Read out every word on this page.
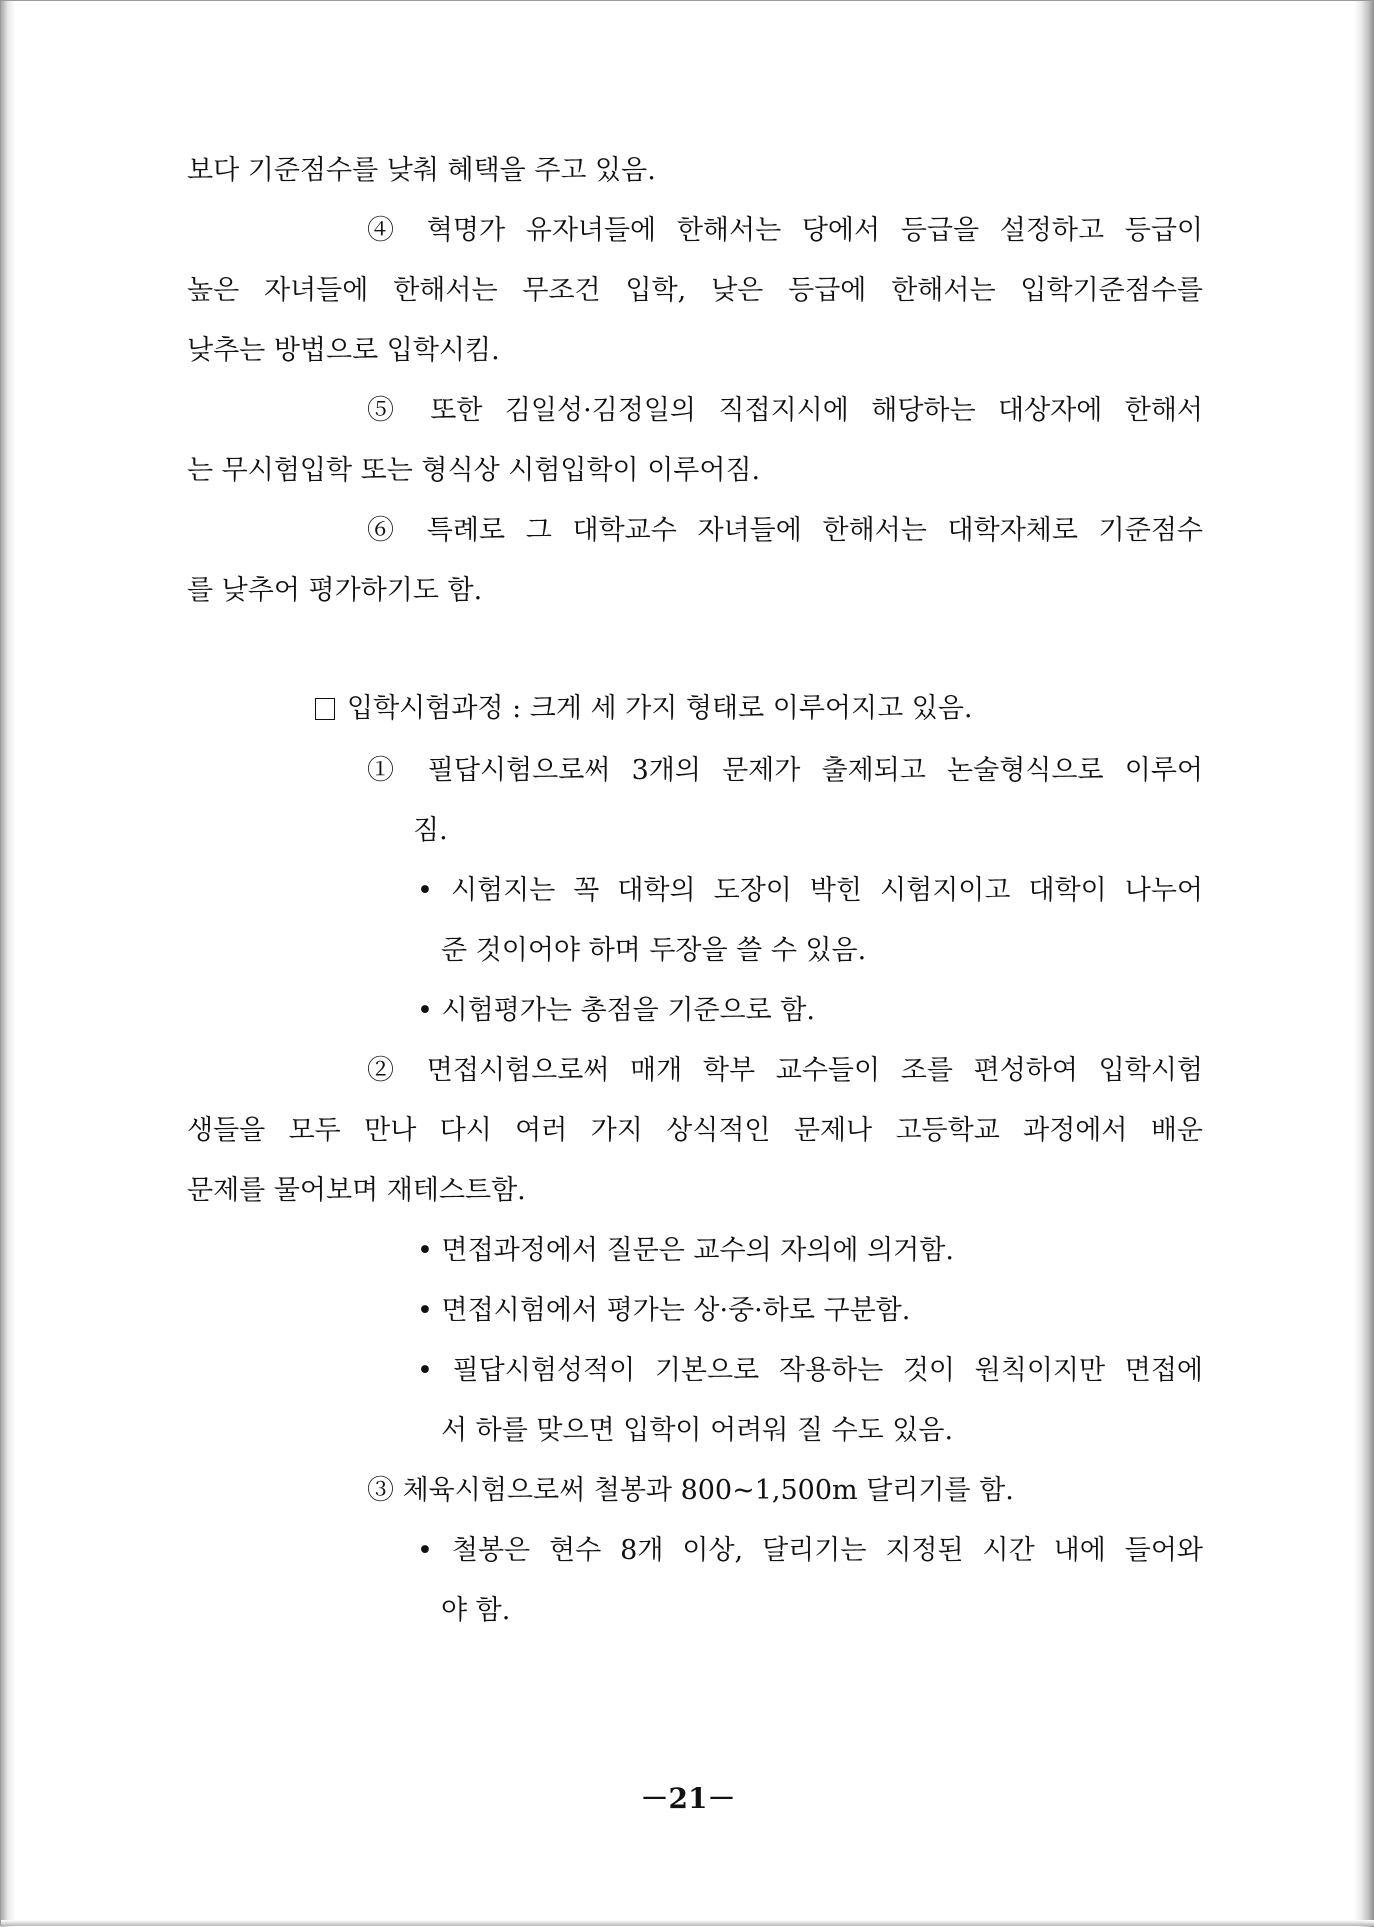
보다 기준점수를 낮춰 혜택을 주고 있음.
④ 혁명가 유자녀들에 한해서는 당에서 등급을 설정하고 등급이
높은 자녀들에 한해서는 무조건 입학, 낮은 등급에 한해서는 입학기준점수를
낮추는 방법으로 입학시킴.
⑤ 또한 김일성·김정일의 직접지시에 해당하는 대상자에 한해서
는 무시험입학 또는 형식상 시험입학이 이루어짐.
⑥ 특례로 그 대학교수 자녀들에 한해서는 대학자체로 기준점수
를 낮추어 평가하기도 함.
입학시험과정 : 크게 세 가지 형태로 이루어지고 있음.
① 필답시험으로써 3개의 문제가 출제되고 논술형식으로 이루어
짐.
• 시험지는 꼭 대학의 도장이 박힌 시험지이고 대학이 나누어
준 것이어야 하며 두장을 쓸 수 있음.
• 시험평가는 총점을 기준으로 함.
② 면접시험으로써 매개 학부 교수들이 조를 편성하여 입학시험
생들을 모두 만나 다시 여러 가지 상식적인 문제나 고등학교 과정에서 배운
문제를 물어보며 재테스트함.
• 면접과정에서 질문은 교수의 자의에 의거함.
• 면접시험에서 평가는 상·중·하로 구분함.
• 필답시험성적이 기본으로 작용하는 것이 원칙이지만 면접에
서 하를 맞으면 입학이 어려워 질 수도 있음.
③ 체육시험으로써 철봉과 800~1,500m 달리기를 함.
• 철봉은 현수 8개 이상, 달리기는 지정된 시간 내에 들어와
야 함.
－21－
